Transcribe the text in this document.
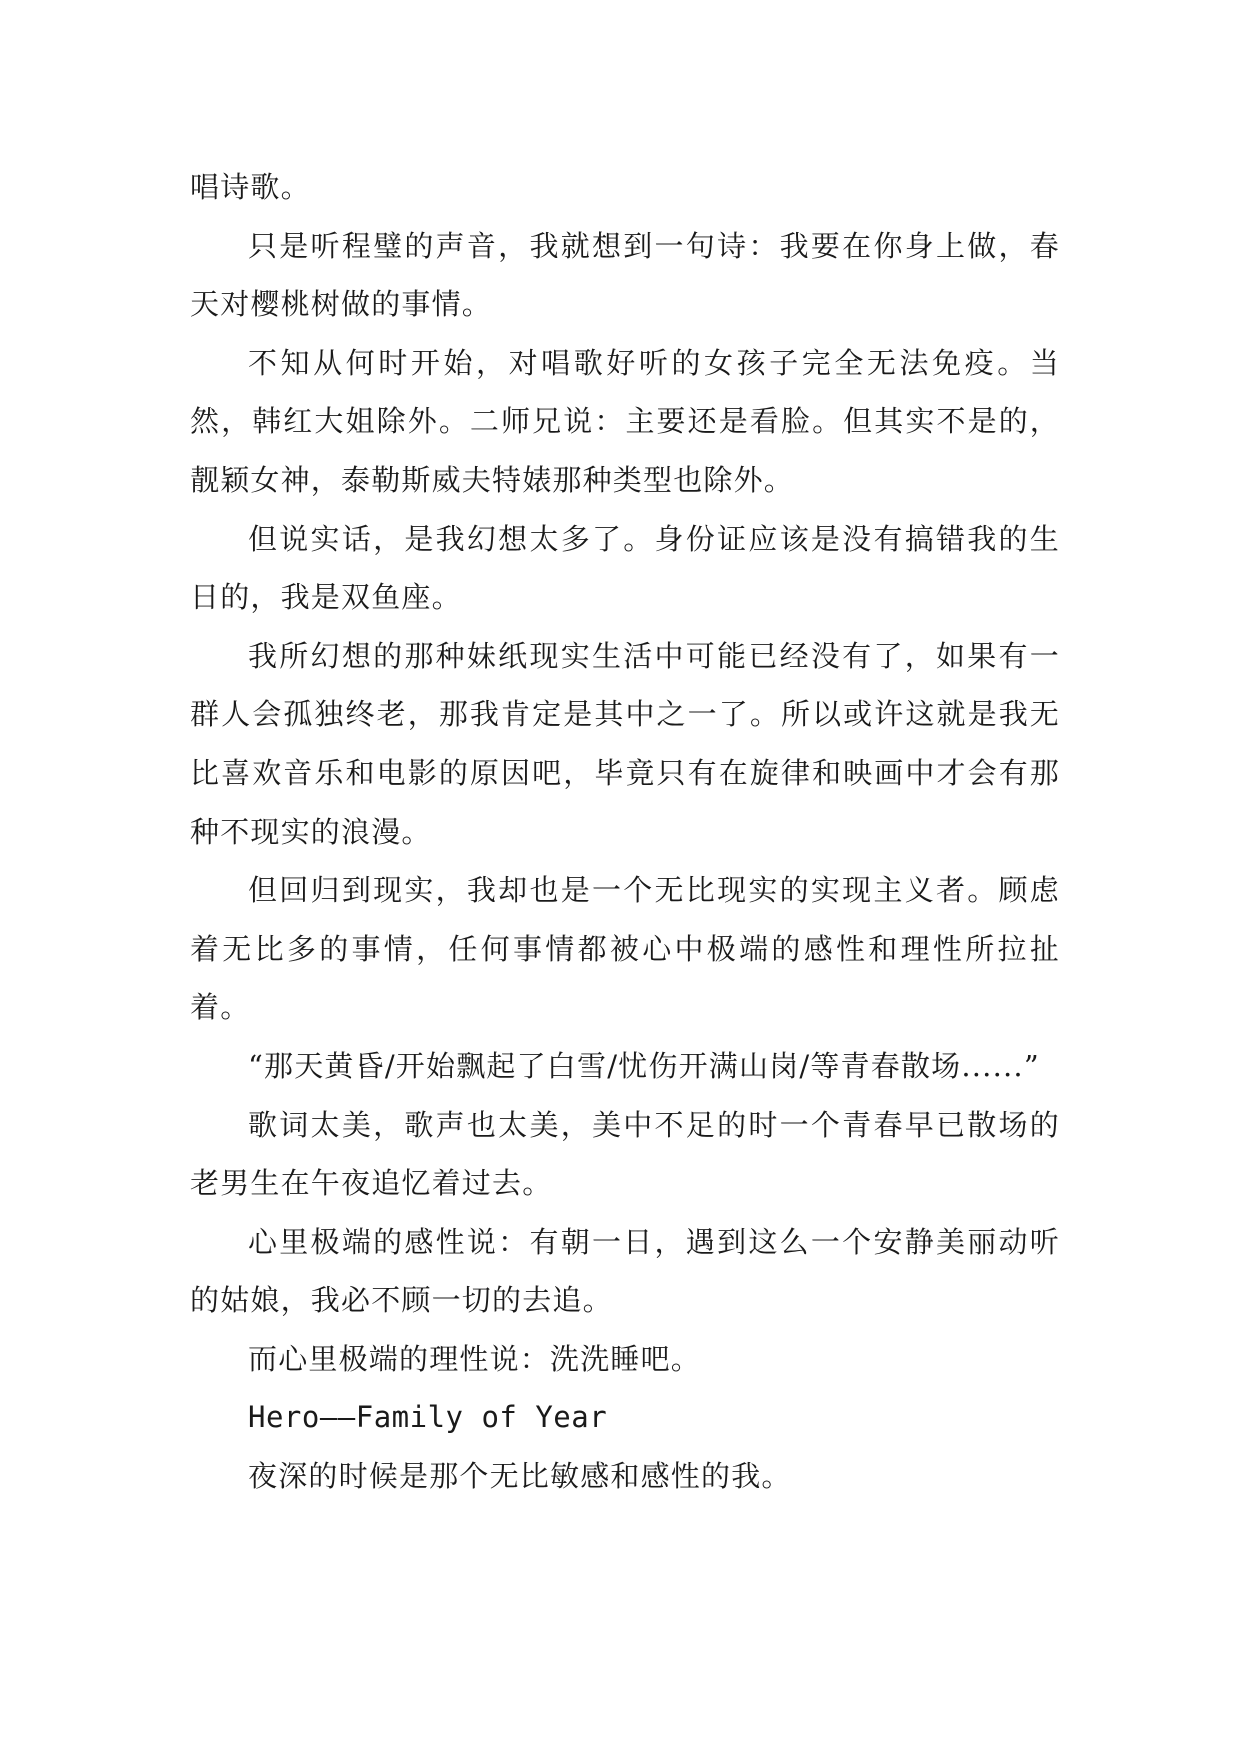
唱诗歌。

只是听程璧的声音，我就想到一句诗：我要在你身上做，春天对樱桃树做的事情。

不知从何时开始，对唱歌好听的女孩子完全无法免疫。当然，韩红大姐除外。二师兄说：主要还是看脸。但其实不是的，靓颖女神，泰勒斯威夫特婊那种类型也除外。

但说实话，是我幻想太多了。身份证应该是没有搞错我的生日的，我是双鱼座。

我所幻想的那种妹纸现实生活中可能已经没有了，如果有一群人会孤独终老，那我肯定是其中之一了。所以或许这就是我无比喜欢音乐和电影的原因吧，毕竟只有在旋律和映画中才会有那种不现实的浪漫。

但回归到现实，我却也是一个无比现实的实现主义者。顾虑着无比多的事情，任何事情都被心中极端的感性和理性所拉扯着。

“那天黄昏/开始飘起了白雪/忧伤开满山岗/等青春散场......”

歌词太美，歌声也太美，美中不足的时一个青春早已散场的老男生在午夜追忆着过去。

心里极端的感性说：有朝一日，遇到这么一个安静美丽动听的姑娘，我必不顾一切的去追。

而心里极端的理性说：洗洗睡吧。

Hero——Family of Year

夜深的时候是那个无比敏感和感性的我。
